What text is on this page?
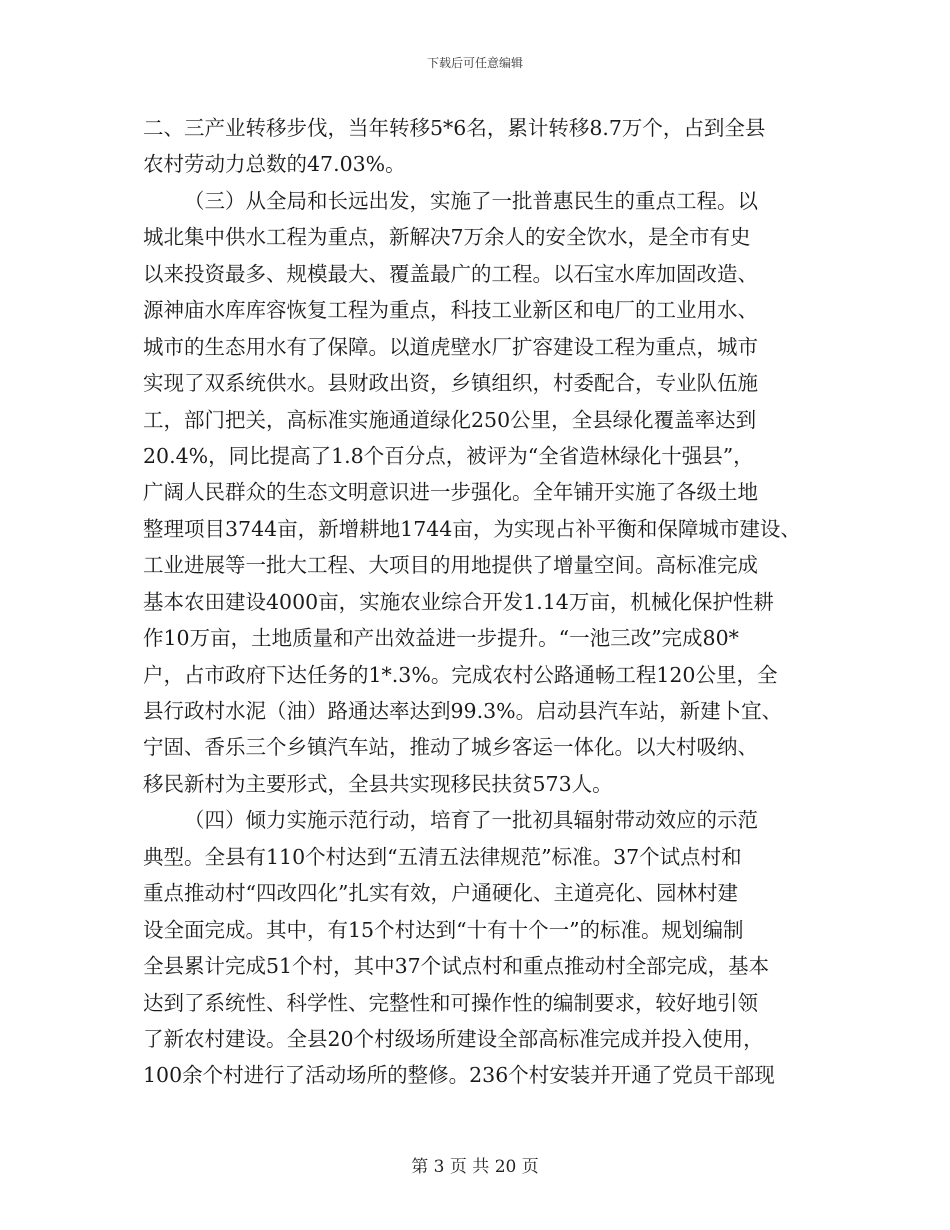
下载后可任意编辑
二、三产业转移步伐，当年转移5*6名，累计转移8.7万个，占到全县
农村劳动力总数的47.03%。
（三）从全局和长远出发，实施了一批普惠民生的重点工程。以
城北集中供水工程为重点，新解决7万余人的安全饮水，是全市有史
以来投资最多、规模最大、覆盖最广的工程。以石宝水库加固改造、
源神庙水库库容恢复工程为重点，科技工业新区和电厂的工业用水、
城市的生态用水有了保障。以道虎壁水厂扩容建设工程为重点，城市
实现了双系统供水。县财政出资，乡镇组织，村委配合，专业队伍施
工，部门把关，高标准实施通道绿化250公里，全县绿化覆盖率达到
20.4%，同比提高了1.8个百分点，被评为“全省造林绿化十强县”，
广阔人民群众的生态文明意识进一步强化。全年铺开实施了各级土地
整理项目3744亩，新增耕地1744亩，为实现占补平衡和保障城市建设、
工业进展等一批大工程、大项目的用地提供了增量空间。高标准完成
基本农田建设4000亩，实施农业综合开发1.14万亩，机械化保护性耕
作10万亩，土地质量和产出效益进一步提升。“一池三改”完成80*
户，占市政府下达任务的1*.3%。完成农村公路通畅工程120公里，全
县行政村水泥（油）路通达率达到99.3%。启动县汽车站，新建卜宜、
宁固、香乐三个乡镇汽车站，推动了城乡客运一体化。以大村吸纳、
移民新村为主要形式，全县共实现移民扶贫573人。
（四）倾力实施示范行动，培育了一批初具辐射带动效应的示范
典型。全县有110个村达到“五清五法律规范”标准。37个试点村和
重点推动村“四改四化”扎实有效，户通硬化、主道亮化、园林村建
设全面完成。其中，有15个村达到“十有十个一”的标准。规划编制
全县累计完成51个村，其中37个试点村和重点推动村全部完成，基本
达到了系统性、科学性、完整性和可操作性的编制要求，较好地引领
了新农村建设。全县20个村级场所建设全部高标准完成并投入使用，
100余个村进行了活动场所的整修。236个村安装并开通了党员干部现
第 3 页 共 20 页
